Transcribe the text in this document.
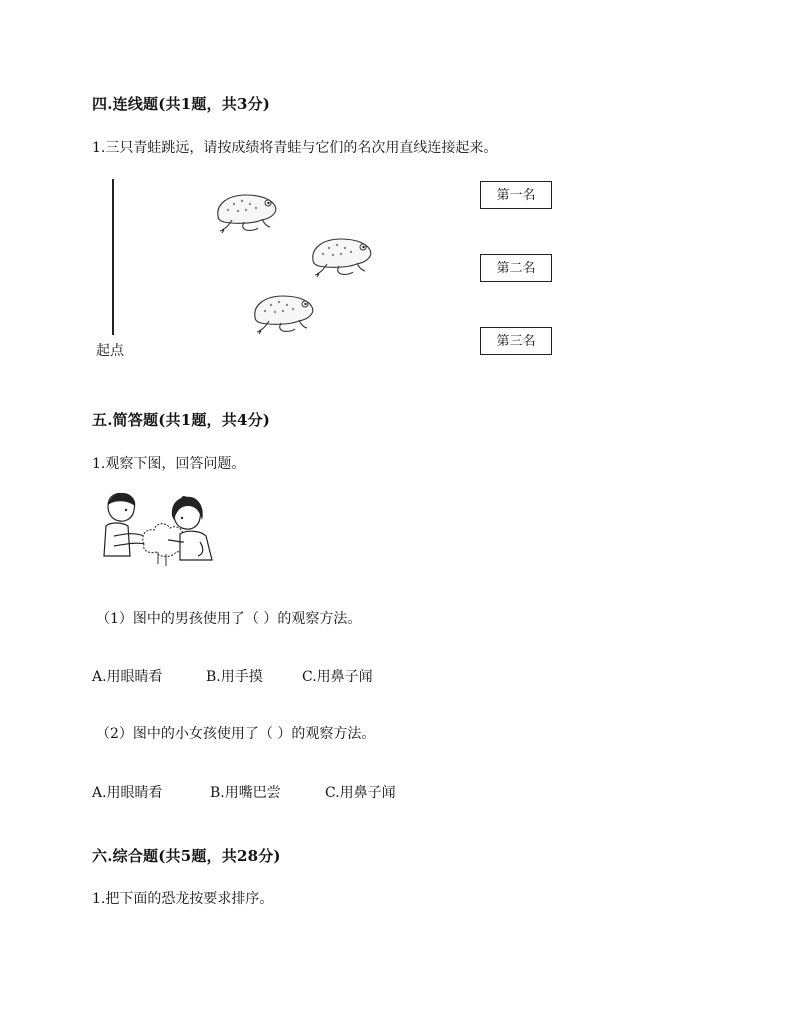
四.连线题(共1题，共3分)
1.三只青蛙跳远，请按成绩将青蛙与它们的名次用直线连接起来。
起点
第一名
第二名
第三名
五.简答题(共1题，共4分)
1.观察下图，回答问题。
（1）图中的男孩使用了（ ）的观察方法。
A.用眼睛看	B.用手摸	C.用鼻子闻
（2）图中的小女孩使用了（ ）的观察方法。
A.用眼睛看	B.用嘴巴尝	C.用鼻子闻
六.综合题(共5题，共28分)
1.把下面的恐龙按要求排序。
